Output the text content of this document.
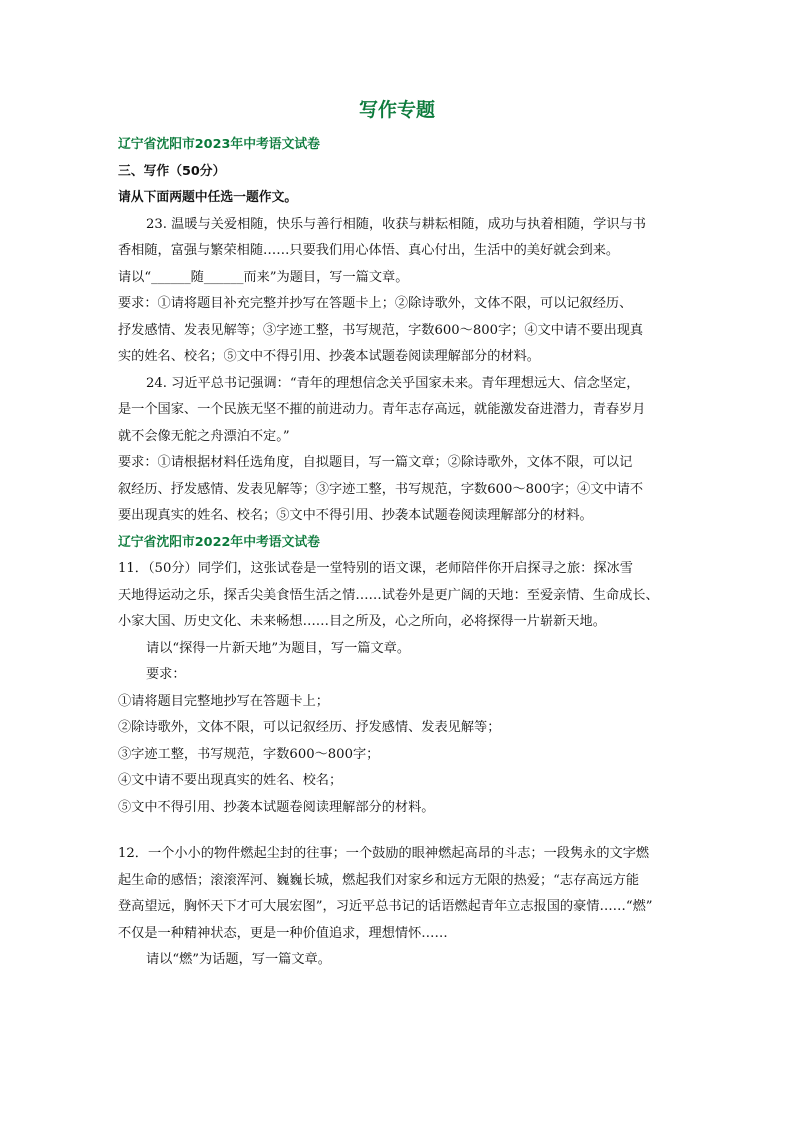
写作专题
辽宁省沈阳市2023年中考语文试卷
三、写作（50分）
请从下面两题中任选一题作文。
23. 温暖与关爱相随，快乐与善行相随，收获与耕耘相随，成功与执着相随，学识与书
香相随，富强与繁荣相随……只要我们用心体悟、真心付出，生活中的美好就会到来。
请以“______随______而来”为题目，写一篇文章。
要求：①请将题目补充完整并抄写在答题卡上；②除诗歌外，文体不限，可以记叙经历、
抒发感情、发表见解等；③字迹工整，书写规范，字数600～800字；④文中请不要出现真
实的姓名、校名；⑤文中不得引用、抄袭本试题卷阅读理解部分的材料。
24. 习近平总书记强调：“青年的理想信念关乎国家未来。青年理想远大、信念坚定，
是一个国家、一个民族无坚不摧的前进动力。青年志存高远，就能激发奋进潜力，青春岁月
就不会像无舵之舟漂泊不定。”
要求：①请根据材料任选角度，自拟题目，写一篇文章；②除诗歌外，文体不限，可以记
叙经历、抒发感情、发表见解等；③字迹工整，书写规范，字数600～800字；④文中请不
要出现真实的姓名、校名；⑤文中不得引用、抄袭本试题卷阅读理解部分的材料。
辽宁省沈阳市2022年中考语文试卷
11．（50分）同学们，这张试卷是一堂特别的语文课，老师陪伴你开启探寻之旅：探冰雪
天地得运动之乐，探舌尖美食悟生活之情……试卷外是更广阔的天地：至爱亲情、生命成长、
小家大国、历史文化、未来畅想……目之所及，心之所向，必将探得一片崭新天地。
请以“探得一片新天地”为题目，写一篇文章。
要求：
①请将题目完整地抄写在答题卡上；
②除诗歌外，文体不限，可以记叙经历、抒发感情、发表见解等；
③字迹工整，书写规范，字数600～800字；
④文中请不要出现真实的姓名、校名；
⑤文中不得引用、抄袭本试题卷阅读理解部分的材料。
12．一个小小的物件燃起尘封的往事；一个鼓励的眼神燃起高昂的斗志；一段隽永的文字燃
起生命的感悟；滚滚浑河、巍巍长城，燃起我们对家乡和远方无限的热爱；“志存高远方能
登高望远，胸怀天下才可大展宏图”，习近平总书记的话语燃起青年立志报国的豪情……“燃”
不仅是一种精神状态，更是一种价值追求，理想情怀……
请以“燃”为话题，写一篇文章。
